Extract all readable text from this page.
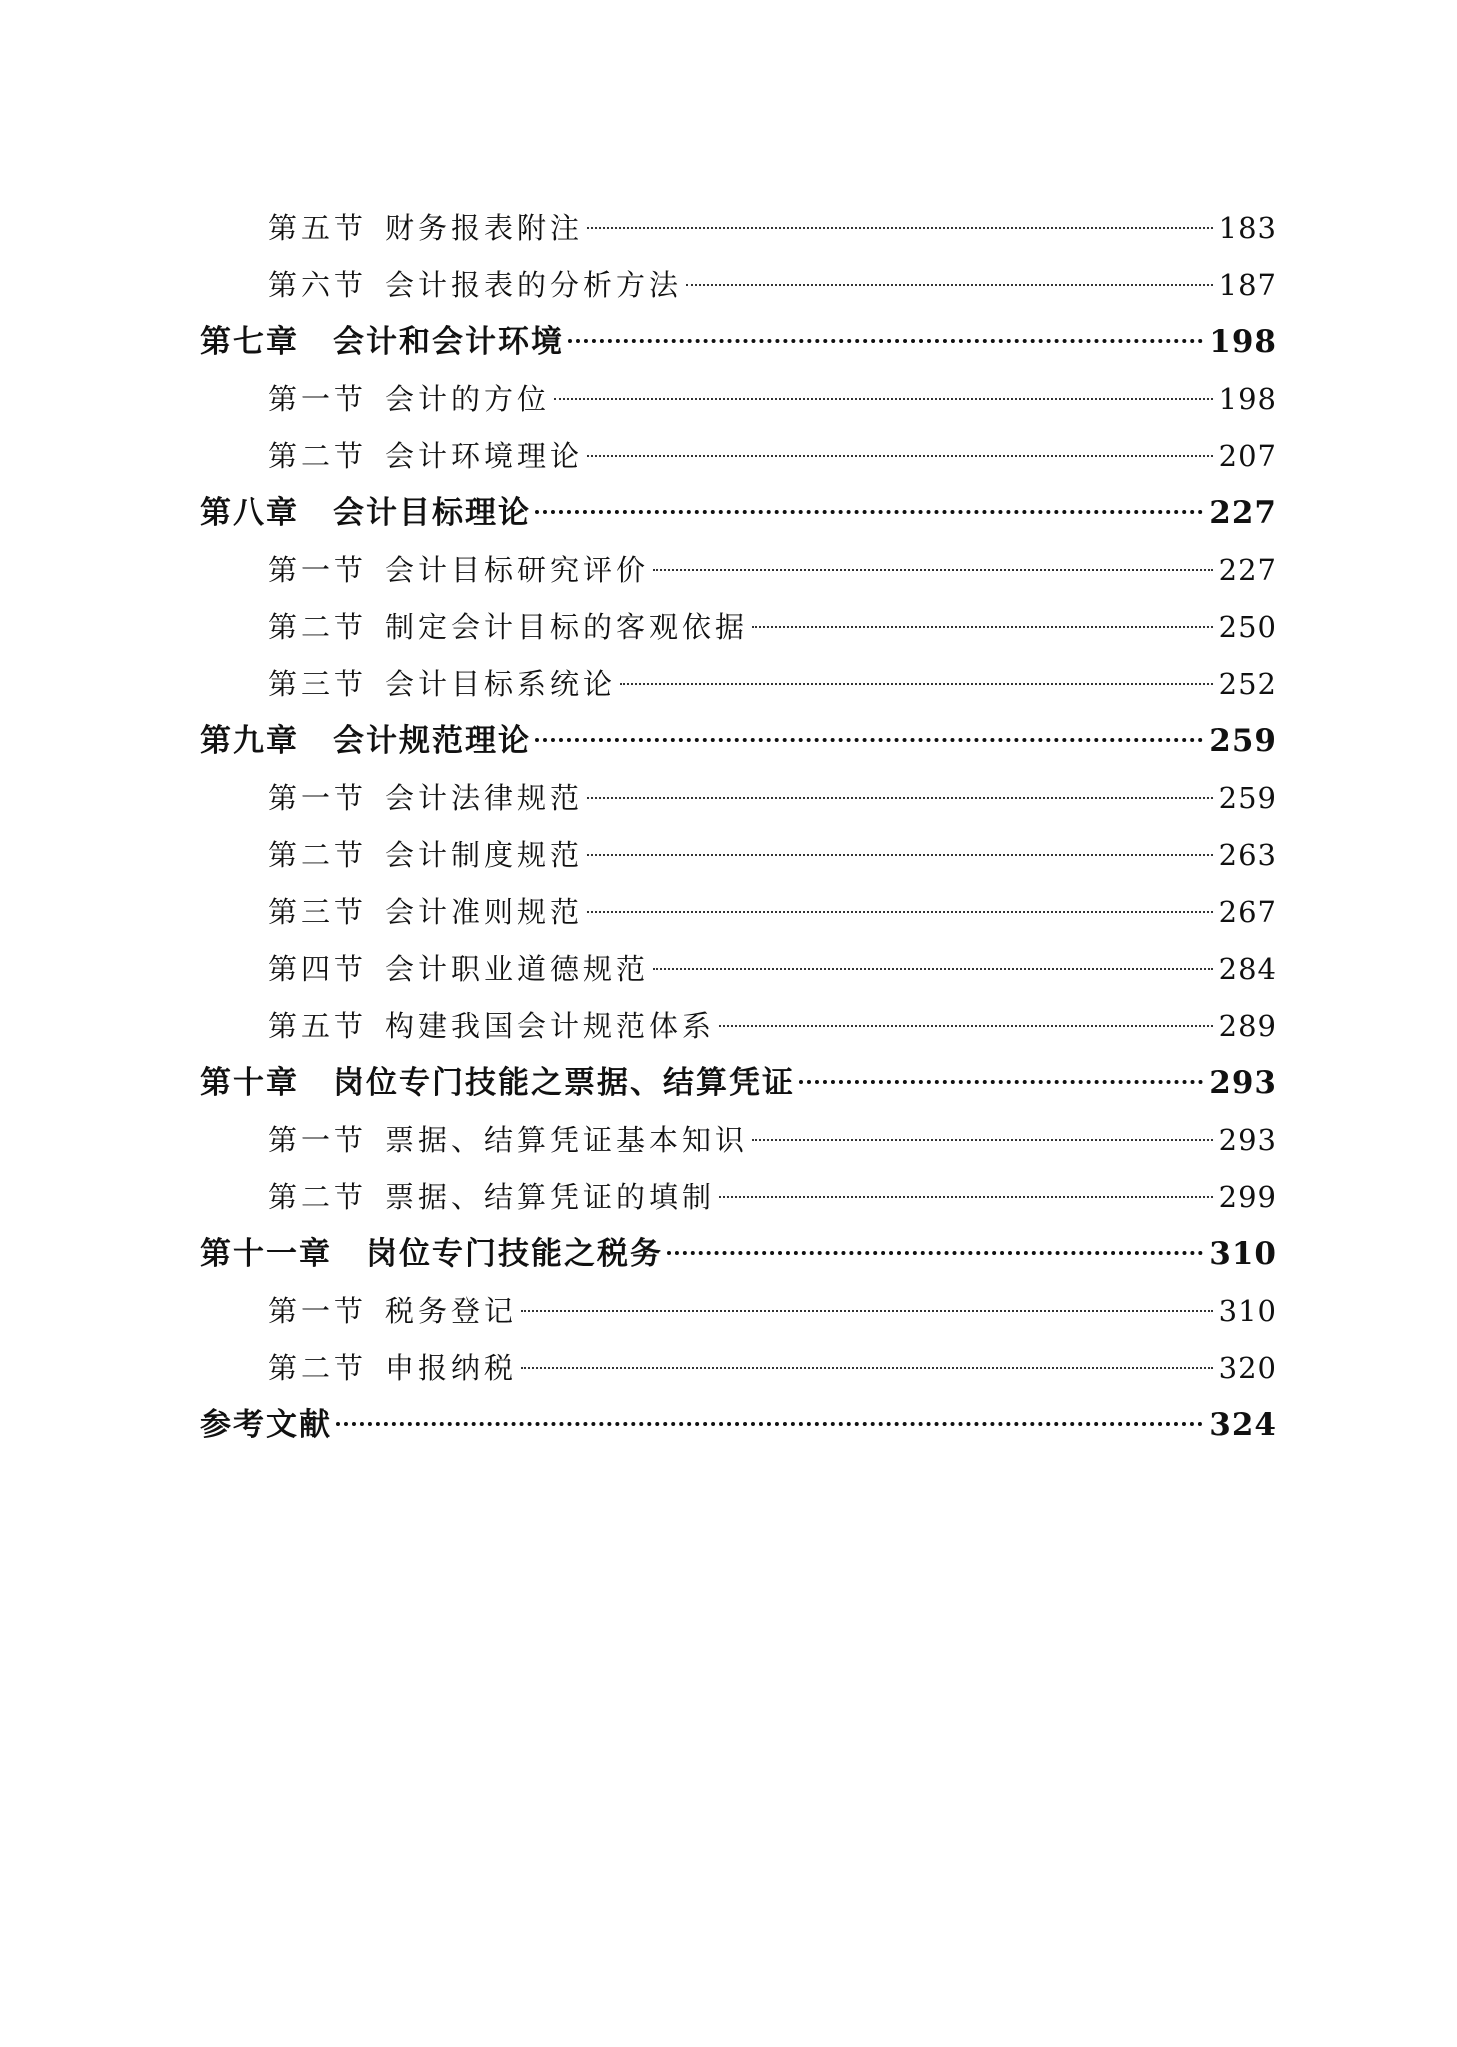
第五节 财务报表附注	183
第六节 会计报表的分析方法	187
第七章 会计和会计环境	198
第一节 会计的方位	198
第二节 会计环境理论	207
第八章 会计目标理论	227
第一节 会计目标研究评价	227
第二节 制定会计目标的客观依据	250
第三节 会计目标系统论	252
第九章 会计规范理论	259
第一节 会计法律规范	259
第二节 会计制度规范	263
第三节 会计准则规范	267
第四节 会计职业道德规范	284
第五节 构建我国会计规范体系	289
第十章 岗位专门技能之票据、结算凭证	293
第一节 票据、结算凭证基本知识	293
第二节 票据、结算凭证的填制	299
第十一章 岗位专门技能之税务	310
第一节 税务登记	310
第二节 申报纳税	320
参考文献	324
